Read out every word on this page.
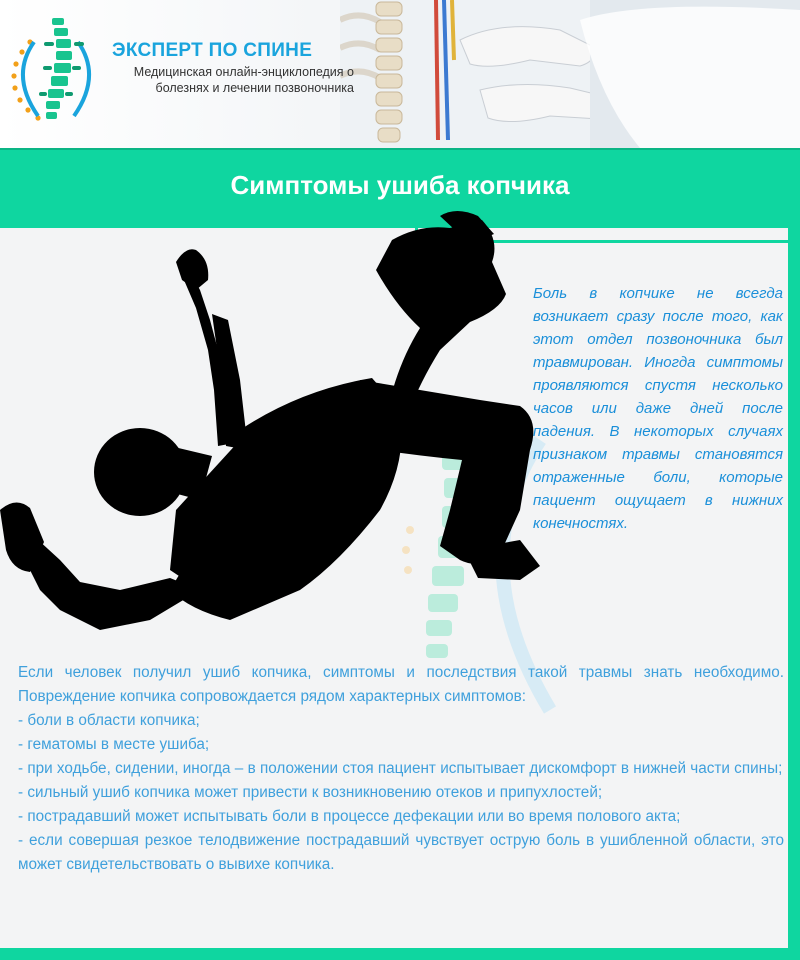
ЭКСПЕРТ ПО СПИНЕ
Медицинская онлайн-энциклопедия о болезнях и лечении позвоночника
Симптомы ушиба копчика
Боль в копчике не всегда возникает сразу после того, как этот отдел позвоночника был травмирован. Иногда симптомы проявляются спустя несколько часов или даже дней после падения. В некоторых случаях признаком травмы становятся отраженные боли, которые пациент ощущает в нижних конечностях.

Если человек получил ушиб копчика, симптомы и последствия такой травмы знать необходимо. Повреждение копчика сопровождается рядом характерных симптомов:

- боли в области копчика;

- гематомы в месте ушиба;

- при ходьбе, сидении, иногда – в положении стоя пациент испытывает дискомфорт в нижней части спины;

- сильный ушиб копчика может привести к возникновению отеков и припухлостей;

- пострадавший может испытывать боли в процессе дефекации или во время полового акта;

- если совершая резкое телодвижение пострадавший чувствует острую боль в ушибленной области, это может свидетельствовать о вывихе копчика.
